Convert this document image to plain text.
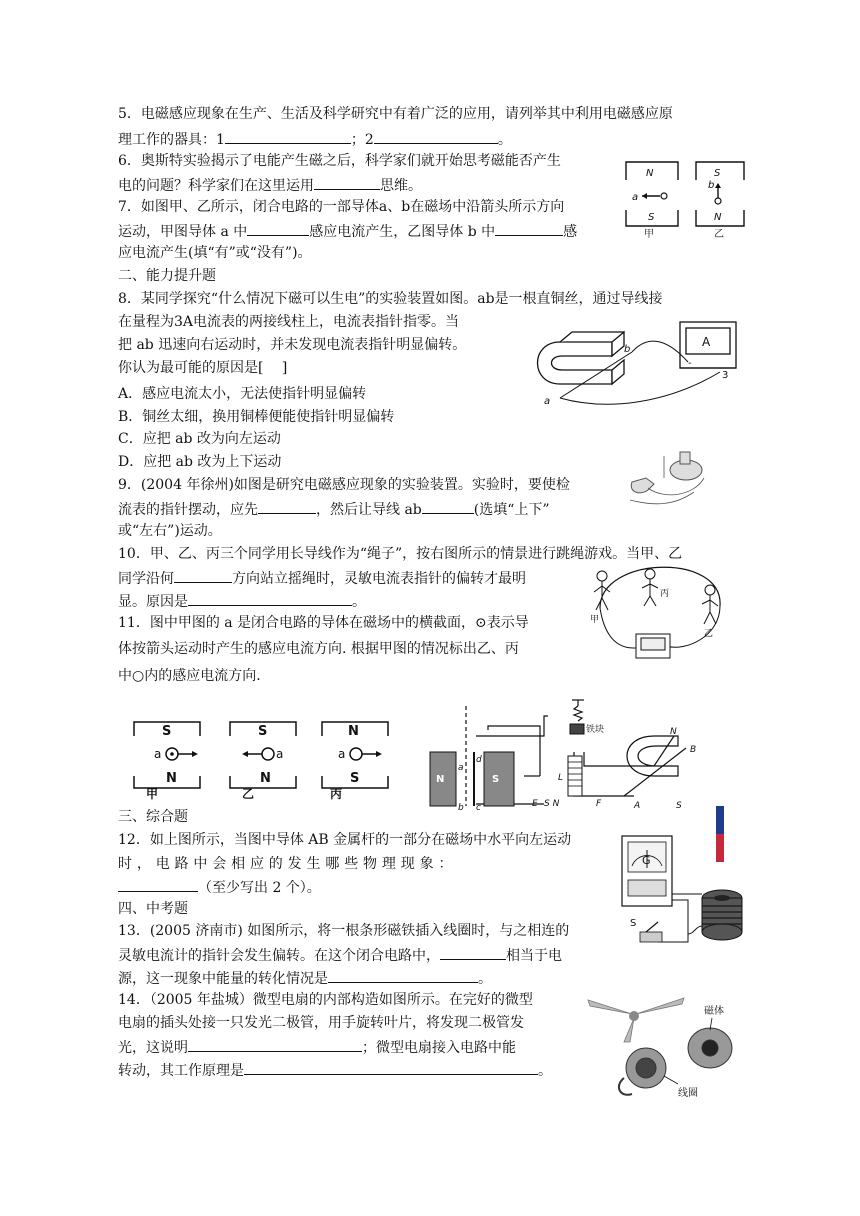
5．电磁感应现象在生产、生活及科学研究中有着广泛的应用，请列举其中利用电磁感应原
理工作的器具：1	；2	。
6．奥斯特实验揭示了电能产生磁之后，科学家们就开始思考磁能否产生
电的问题？科学家们在这里运用	思维。
7．如图甲、乙所示，闭合电路的一部导体a、b在磁场中沿箭头所示方向
运动，甲图导体 a 中	感应电流产生，乙图导体 b 中	感
应电流产生(填“有”或“没有”)。
N	S
S	N
a
b
甲	乙
二、能力提升题
8．某同学探究“什么情况下磁可以生电”的实验装置如图。ab是一根直铜丝，通过导线接
在量程为3A电流表的两接线柱上，电流表指针指零。当
把 ab 迅速向右运动时，并未发现电流表指针明显偏转。
你认为最可能的原因是[　 ]
A．感应电流太小，无法使指针明显偏转
B．铜丝太细，换用铜棒便能使指针明显偏转
C．应把 ab 改为向左运动
D．应把 ab 改为上下运动
A
-
3
a
b
9．(2004 年徐州)如图是研究电磁感应现象的实验装置。实验时，要使检
流表的指针摆动，应先	，然后让导线 ab	(选填“上下”
或“左右”)运动。
10．甲、乙、丙三个同学用长导线作为“绳子”，按右图所示的情景进行跳绳游戏。当甲、乙
同学沿何	方向站立摇绳时，灵敏电流表指针的偏转才最明
显。原因是	。
甲
丙
乙
11．图中甲图的 a 是闭合电路的导体在磁场中的横截面，⊙表示导
体按箭头运动时产生的感应电流方向. 根据甲图的情况标出乙、丙
中○内的感应电流方向.
S
N
S
N
N
S
甲	乙	丙
a	a	a
铁块
L
N
B
A	S
E	F
S N
a
b c
d
N	S
三、综合题
12．如上图所示，当图中导体 AB 金属杆的一部分在磁场中水平向左运动
时 ， 电 路 中 会 相 应 的 发 生 哪 些 物 理 现 象 ：
（至少写出 2 个）。
四、中考题
13．(2005 济南市) 如图所示，将一根条形磁铁插入线圈时，与之相连的
灵敏电流计的指针会发生偏转。在这个闭合电路中，	相当于电
源，这一现象中能量的转化情况是	。
G
S
14．（2005 年盐城）微型电扇的内部构造如图所示。在完好的微型
电扇的插头处接一只发光二极管，用手旋转叶片，将发现二极管发
光，这说明	；微型电扇接入电路中能
转动，其工作原理是	。
磁体
线圈
